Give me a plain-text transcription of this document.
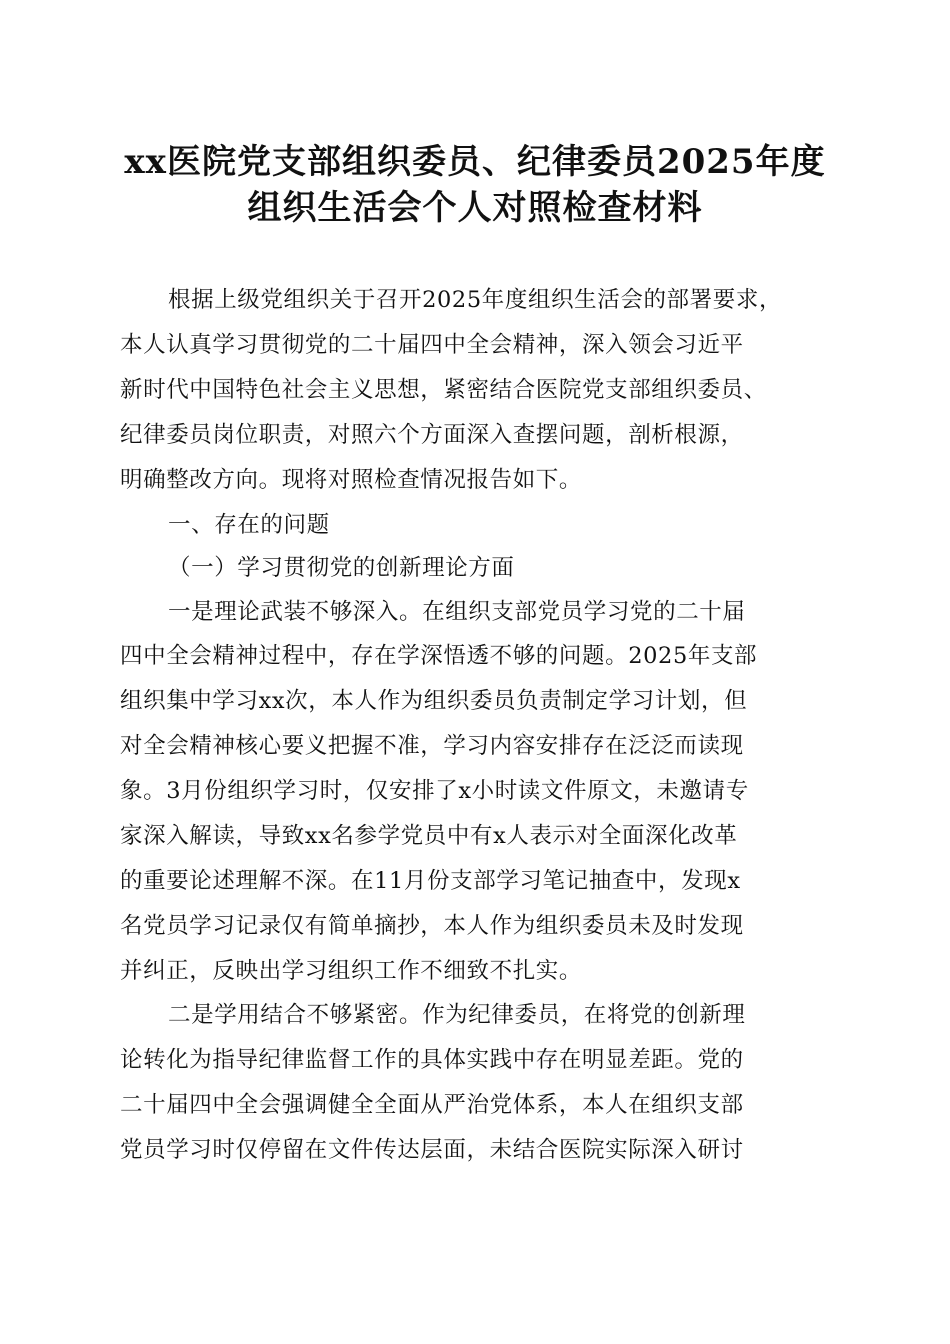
xx医院党支部组织委员、纪律委员2025年度
组织生活会个人对照检查材料
根据上级党组织关于召开2025年度组织生活会的部署要求，
本人认真学习贯彻党的二十届四中全会精神，深入领会习近平
新时代中国特色社会主义思想，紧密结合医院党支部组织委员、
纪律委员岗位职责，对照六个方面深入查摆问题，剖析根源，
明确整改方向。现将对照检查情况报告如下。
一、存在的问题
（一）学习贯彻党的创新理论方面
一是理论武装不够深入。在组织支部党员学习党的二十届
四中全会精神过程中，存在学深悟透不够的问题。2025年支部
组织集中学习xx次，本人作为组织委员负责制定学习计划，但
对全会精神核心要义把握不准，学习内容安排存在泛泛而读现
象。3月份组织学习时，仅安排了x小时读文件原文，未邀请专
家深入解读，导致xx名参学党员中有x人表示对全面深化改革
的重要论述理解不深。在11月份支部学习笔记抽查中，发现x
名党员学习记录仅有简单摘抄，本人作为组织委员未及时发现
并纠正，反映出学习组织工作不细致不扎实。
二是学用结合不够紧密。作为纪律委员，在将党的创新理
论转化为指导纪律监督工作的具体实践中存在明显差距。党的
二十届四中全会强调健全全面从严治党体系，本人在组织支部
党员学习时仅停留在文件传达层面，未结合医院实际深入研讨
